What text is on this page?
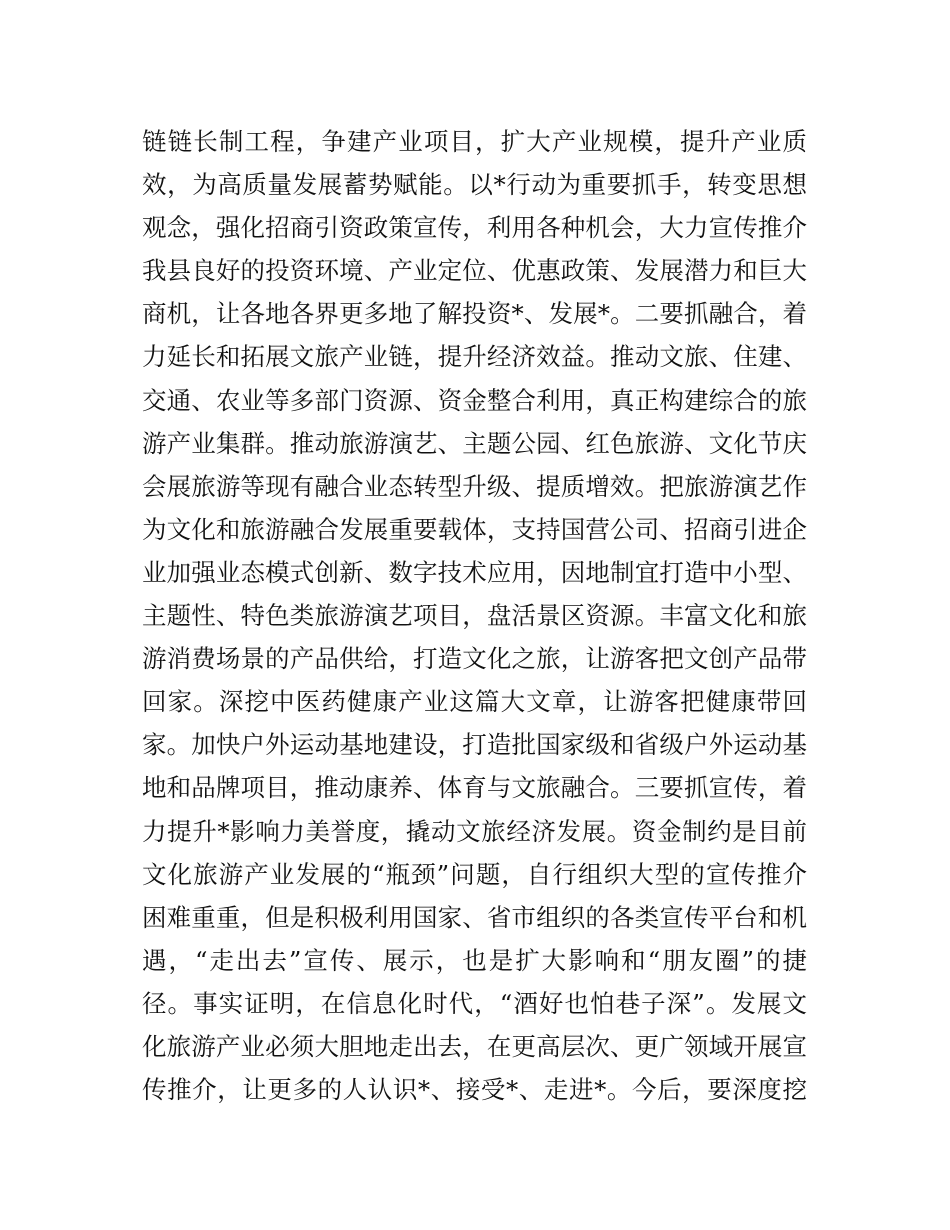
链链长制工程，争建产业项目，扩大产业规模，提升产业质
效，为高质量发展蓄势赋能。以*行动为重要抓手，转变思想
观念，强化招商引资政策宣传，利用各种机会，大力宣传推介
我县良好的投资环境、产业定位、优惠政策、发展潜力和巨大
商机，让各地各界更多地了解投资*、发展*。二要抓融合，着
力延长和拓展文旅产业链，提升经济效益。推动文旅、住建、
交通、农业等多部门资源、资金整合利用，真正构建综合的旅
游产业集群。推动旅游演艺、主题公园、红色旅游、文化节庆
会展旅游等现有融合业态转型升级、提质增效。把旅游演艺作
为文化和旅游融合发展重要载体，支持国营公司、招商引进企
业加强业态模式创新、数字技术应用，因地制宜打造中小型、
主题性、特色类旅游演艺项目，盘活景区资源。丰富文化和旅
游消费场景的产品供给，打造文化之旅，让游客把文创产品带
回家。深挖中医药健康产业这篇大文章，让游客把健康带回
家。加快户外运动基地建设，打造批国家级和省级户外运动基
地和品牌项目，推动康养、体育与文旅融合。三要抓宣传，着
力提升*影响力美誉度，撬动文旅经济发展。资金制约是目前
文化旅游产业发展的“瓶颈”问题，自行组织大型的宣传推介
困难重重，但是积极利用国家、省市组织的各类宣传平台和机
遇，“走出去”宣传、展示，也是扩大影响和“朋友圈”的捷
径。事实证明，在信息化时代，“酒好也怕巷子深”。发展文
化旅游产业必须大胆地走出去，在更高层次、更广领域开展宣
传推介，让更多的人认识*、接受*、走进*。今后，要深度挖
